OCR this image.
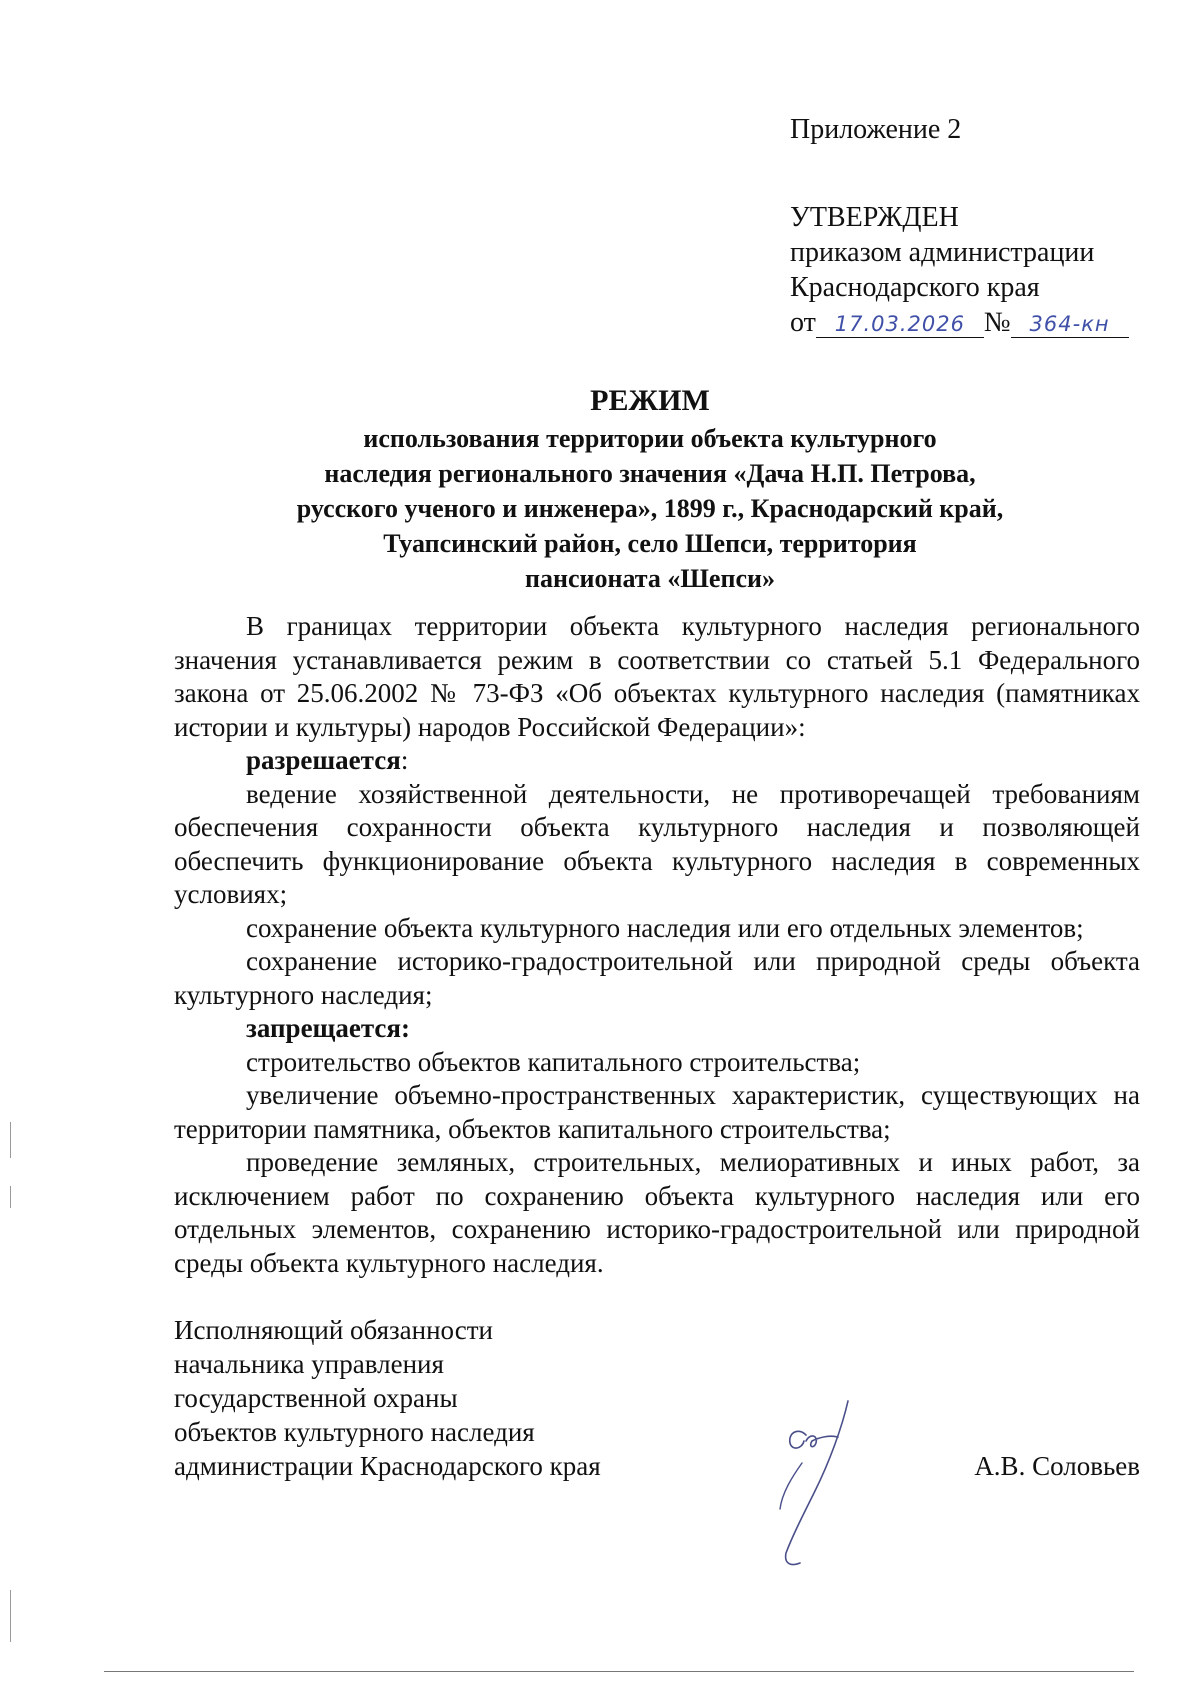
Приложение 2
УТВЕРЖДЕН
приказом администрации
Краснодарского края
от 17.03.2026 № 364-кн
РЕЖИМ
использования территории объекта культурного
наследия регионального значения «Дача Н.П. Петрова,
русского ученого и инженера», 1899 г., Краснодарский край,
Туапсинский район, село Шепси, территория
пансионата «Шепси»

В границах территории объекта культурного наследия регионального значения устанавливается режим в соответствии со статьей 5.1 Федерального закона от 25.06.2002 № 73-ФЗ «Об объектах культурного наследия (памятниках истории и культуры) народов Российской Федерации»:

разрешается:

ведение хозяйственной деятельности, не противоречащей требованиям обеспечения сохранности объекта культурного наследия и позволяющей обеспечить функционирование объекта культурного наследия в современных условиях;

сохранение объекта культурного наследия или его отдельных элементов;

сохранение историко-градостроительной или природной среды объекта культурного наследия;

запрещается:

строительство объектов капитального строительства;

увеличение объемно-пространственных характеристик, существующих на территории памятника, объектов капитального строительства;

проведение земляных, строительных, мелиоративных и иных работ, за исключением работ по сохранению объекта культурного наследия или его отдельных элементов, сохранению историко-градостроительной или природной среды объекта культурного наследия.

Исполняющий обязанности
начальника управления
государственной охраны
объектов культурного наследия
администрации Краснодарского края	А.В. Соловьев
